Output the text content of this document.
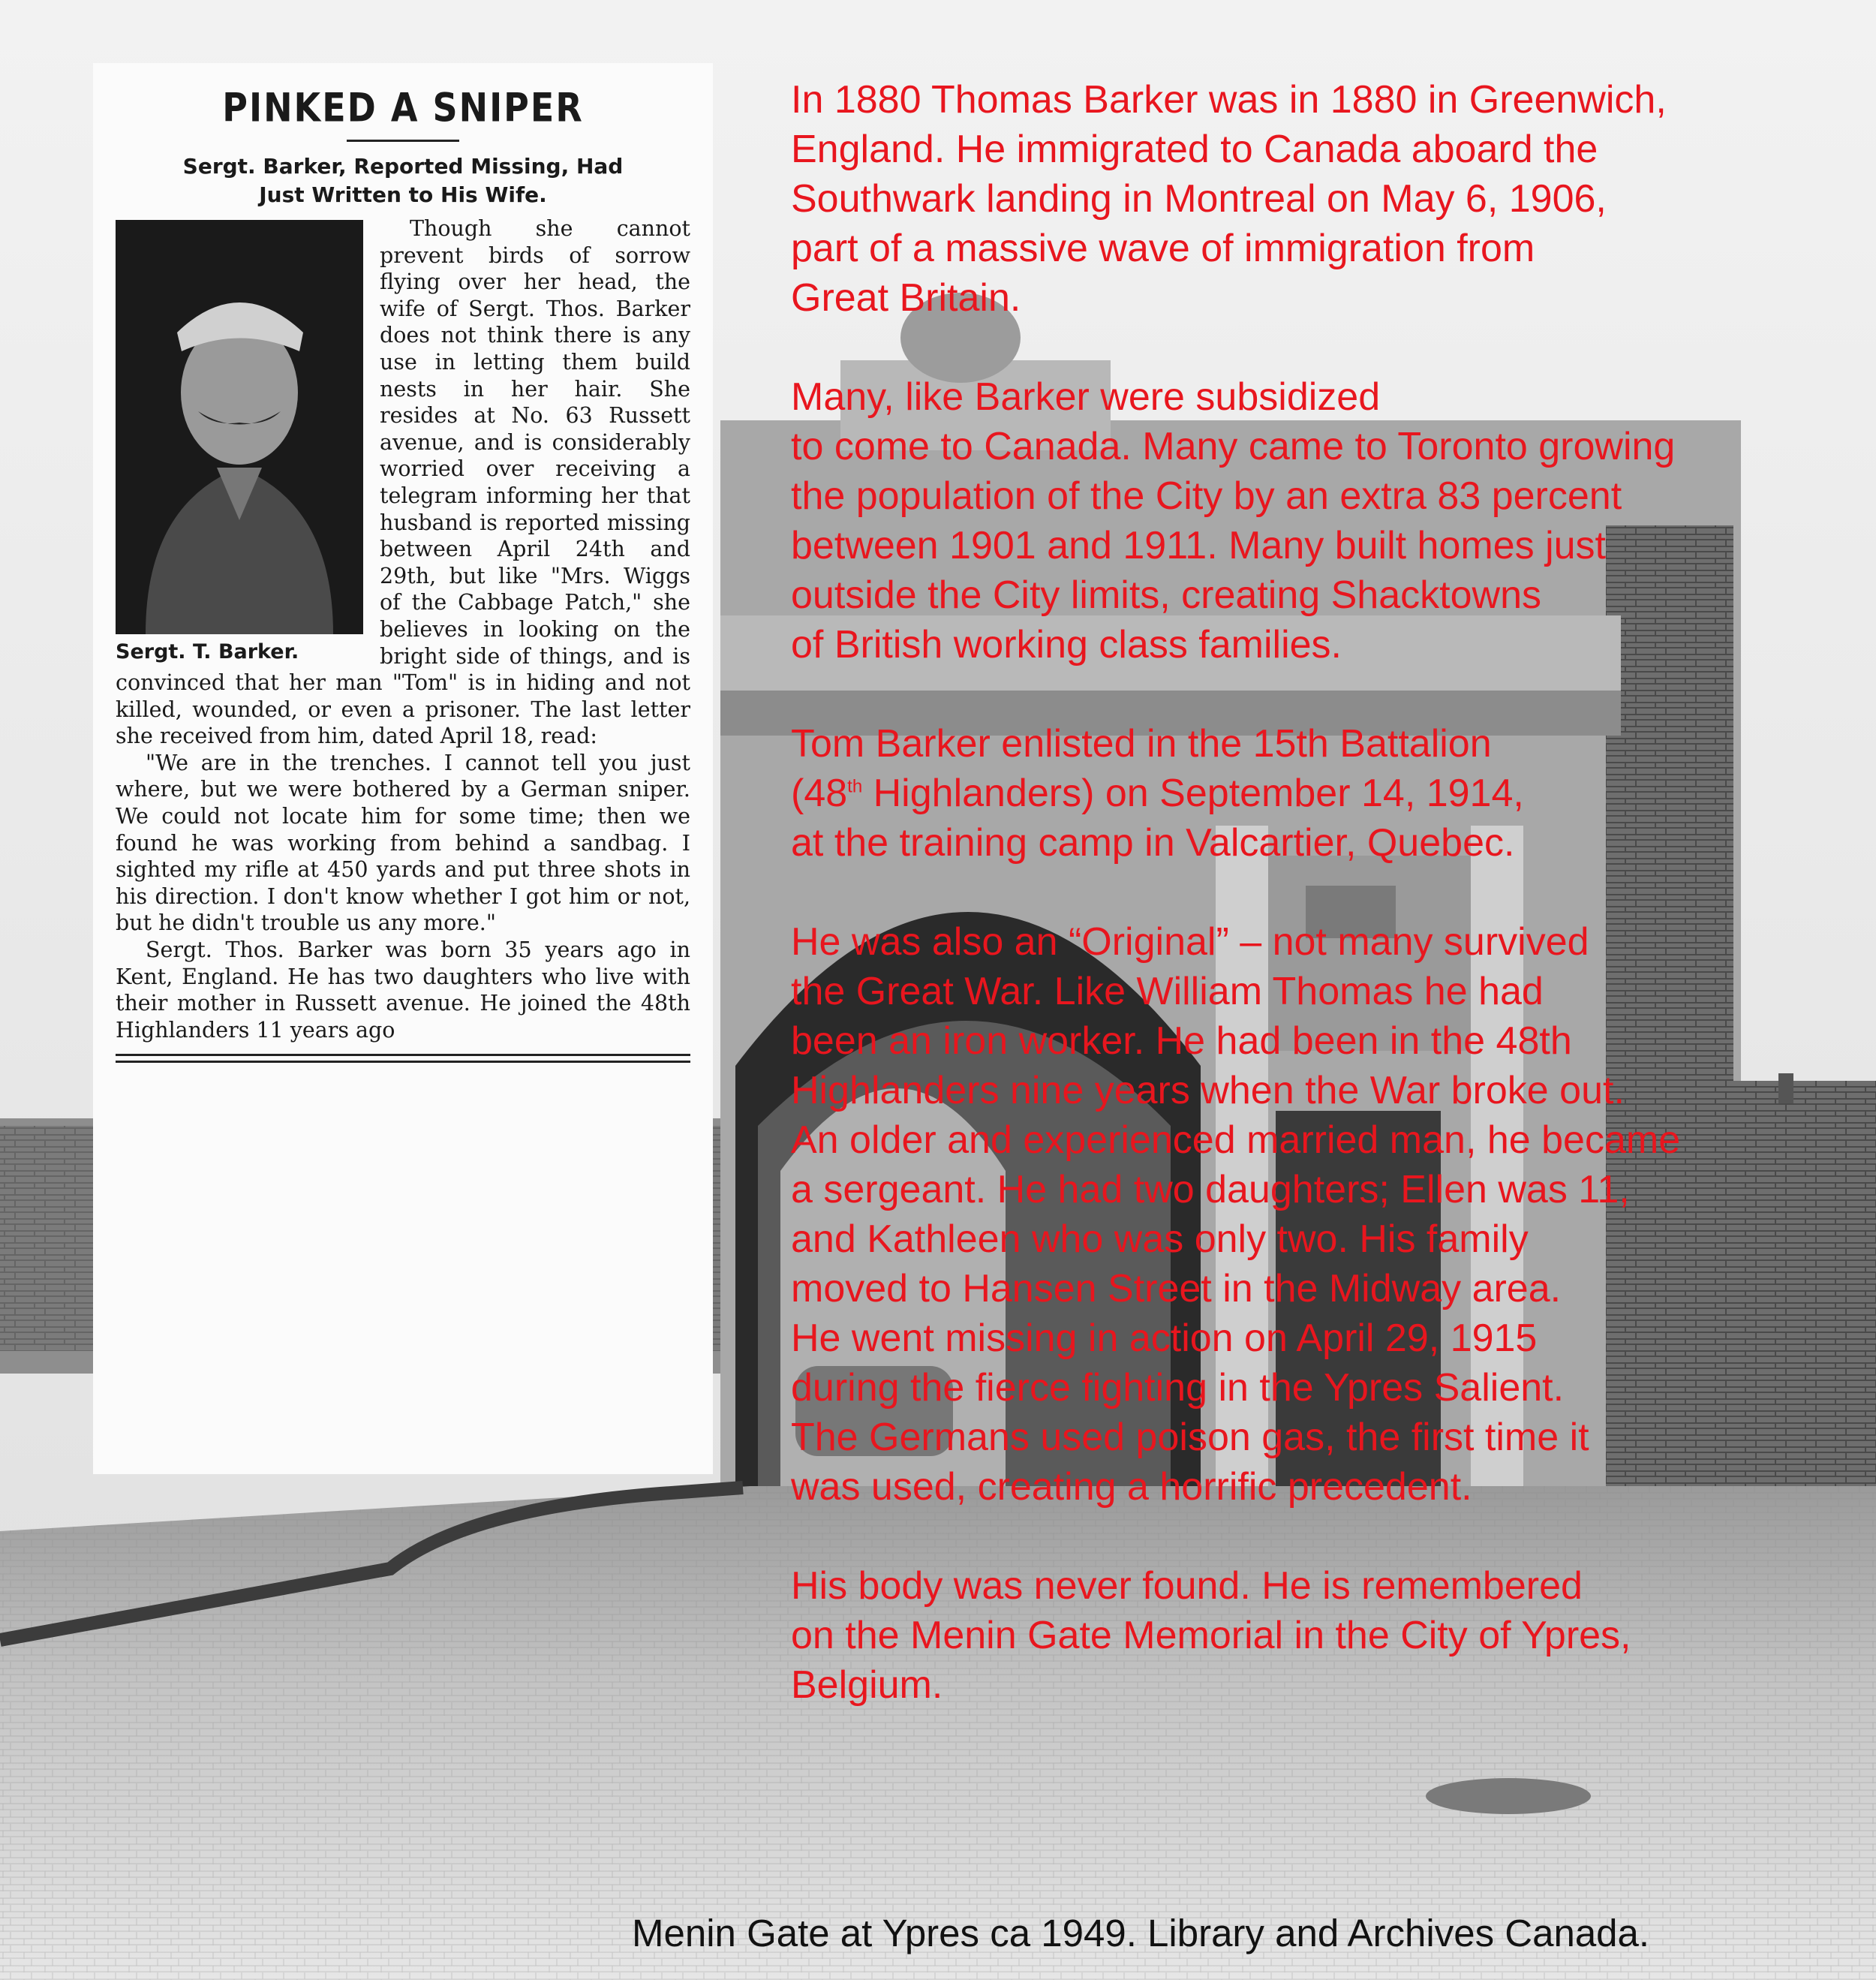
PINKED A SNIPER
Sergt. Barker, Reported Missing, Had
Just Written to His Wife.
Sergt. T. Barker.

Though she cannot prevent birds of sorrow flying over her head, the wife of Sergt. Thos. Barker does not think there is any use in letting them build nests in her hair. She resides at No. 63 Russett avenue, and is considerably worried over receiving a telegram informing her that husband is reported missing between April 24th and 29th, but like "Mrs. Wiggs of the Cabbage Patch," she believes in looking on the bright side of things, and is convinced that her man "Tom" is in hiding and not killed, wounded, or even a prisoner. The last letter she received from him, dated April 18, read:

"We are in the trenches. I cannot tell you just where, but we were bothered by a German sniper. We could not locate him for some time; then we found he was working from behind a sandbag. I sighted my rifle at 450 yards and put three shots in his direction. I don't know whether I got him or not, but he didn't trouble us any more."

Sergt. Thos. Barker was born 35 years ago in Kent, England. He has two daughters who live with their mother in Russett avenue. He joined the 48th Highlanders 11 years ago

In 1880 Thomas Barker was in 1880 in Greenwich,
England. He immigrated to Canada aboard the
Southwark landing in Montreal on May 6, 1906,
part of a massive wave of immigration from
Great Britain.

Many, like Barker were subsidized
to come to Canada. Many came to Toronto growing
the population of the City by an extra 83 percent
between 1901 and 1911. Many built homes just
outside the City limits, creating Shacktowns
of British working class families.

Tom Barker enlisted in the 15th Battalion
(48th Highlanders) on September 14, 1914,
at the training camp in Valcartier, Quebec.

He was also an “Original” – not many survived
the Great War. Like William Thomas he had
been an iron worker. He had been in the 48th
Highlanders nine years when the War broke out.
An older and experienced married man, he became
a sergeant. He had two daughters; Ellen was 11,
and Kathleen who was only two. His family
moved to Hansen Street in the Midway area.
He went missing in action on April 29, 1915
during the fierce fighting in the Ypres Salient.
The Germans used poison gas, the first time it
was used, creating a horrific precedent.

His body was never found. He is remembered
on the Menin Gate Memorial in the City of Ypres,
Belgium.

Menin Gate at Ypres ca 1949. Library and Archives Canada.
